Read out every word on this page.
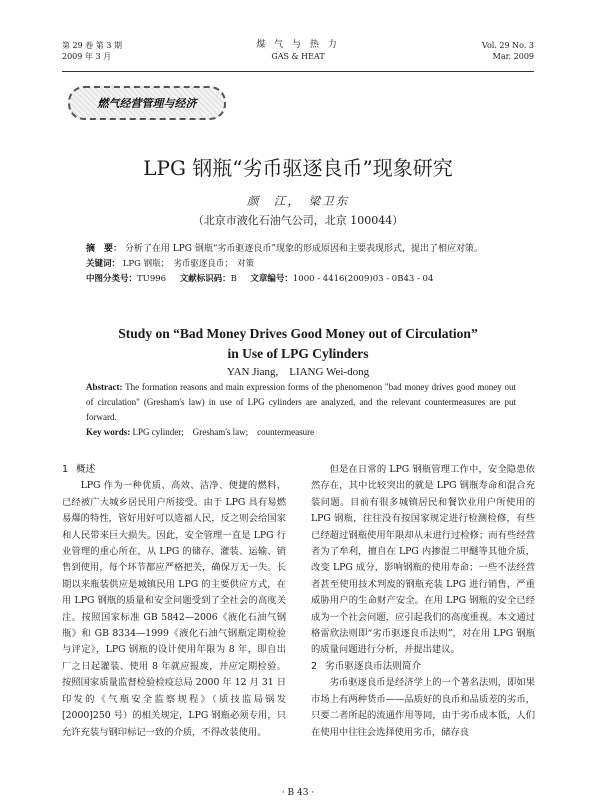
第 29 卷 第 3 期
2009 年 3 月
煤 气 与 热 力
GAS & HEAT
Vol. 29 No. 3
Mar. 2009
燃气经营管理与经济
LPG 钢瓶“劣币驱逐良币”现象研究
颜　江，　梁卫东
（北京市液化石油气公司，北京 100044）
摘　要： 分析了在用 LPG 钢瓶“劣币驱逐良币”现象的形成原因和主要表现形式，提出了相应对策。
关键词： LPG 钢瓶；　劣币驱逐良币；　对策
中图分类号：TU996 文献标识码：B 文章编号：1000 - 4416(2009)03 - 0B43 - 04
Study on “Bad Money Drives Good Money out of Circulation”
in Use of LPG Cylinders
YAN Jiang,　LIANG Wei-dong
Abstract: The formation reasons and main expression forms of the phenomenon "bad money drives good money out of circulation" (Gresham's law) in use of LPG cylinders are analyzed, and the relevant countermeasures are put forward.
Key words: LPG cylinder;　Gresham's law;　countermeasure
1 概述

LPG 作为一种优质、高效、洁净、便捷的燃料，已经被广大城乡居民用户所接受。由于 LPG 具有易燃易爆的特性，管好用好可以造福人民，反之则会给国家和人民带来巨大损失。因此，安全管理一直是 LPG 行业管理的重心所在，从 LPG 的储存、灌装、运输、销售到使用，每个环节都应严格把关，确保万无一失。长期以来瓶装供应是城镇民用 LPG 的主要供应方式，在用 LPG 钢瓶的质量和安全问题受到了全社会的高度关注。按照国家标准 GB 5842—2006《液化石油气钢瓶》和 GB 8334—1999《液化石油气钢瓶定期检验与评定》，LPG 钢瓶的设计使用年限为 8 年，即自出厂之日起灌装、使用 8 年就应报废，并应定期检验。按照国家质量监督检验检疫总局 2000 年 12 月 31 日印发的《气瓶安全监察规程》（质技监局锅发[2000]250 号）的相关规定，LPG 钢瓶必须专用，只允许充装与钢印标记一致的介质，不得改装使用。

但是在日常的 LPG 钢瓶管理工作中，安全隐患依然存在，其中比较突出的就是 LPG 钢瓶寿命和混合充装问题。目前有很多城镇居民和餐饮业用户所使用的 LPG 钢瓶，往往没有按国家规定进行检测检修，有些已经超过钢瓶使用年限却从未进行过检修；而有些经营者为了牟利，擅自在 LPG 内掺混二甲醚等其他介质，改变 LPG 成分，影响钢瓶的使用寿命；一些不法经营者甚至使用技术判废的钢瓶充装 LPG 进行销售，严重威胁用户的生命财产安全。在用 LPG 钢瓶的安全已经成为一个社会问题，应引起我们的高度重视。本文通过格雷欣法则即“劣币驱逐良币法则”，对在用 LPG 钢瓶的质量问题进行分析，并提出建议。

2 劣币驱逐良币法则简介

劣币驱逐良币是经济学上的一个著名法则，即如果市场上有两种货币——品质好的良币和品质差的劣币，只要二者所起的流通作用等同，由于劣币成本低，人们在使用中往往会选择使用劣币，储存良

· B 43 ·
